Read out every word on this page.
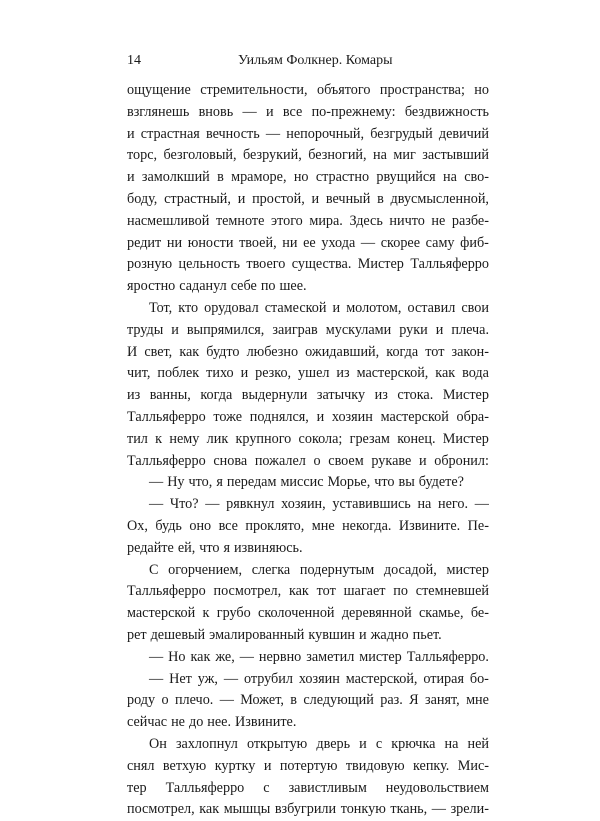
14	Уильям Фолкнер. Комары
ощущение стремительности, объятого пространства; но
взглянешь вновь — и все по-прежнему: бездвижность
и страстная вечность — непорочный, безгрудый девичий
торс, безголовый, безрукий, безногий, на миг застывший
и замолкший в мраморе, но страстно рвущийся на сво-
боду, страстный, и простой, и вечный в двусмысленной,
насмешливой темноте этого мира. Здесь ничто не разбе-
редит ни юности твоей, ни ее ухода — скорее саму фиб-
розную цельность твоего существа. Мистер Талльяферро
яростно саданул себе по шее.
Тот, кто орудовал стамеской и молотом, оставил свои
труды и выпрямился, заиграв мускулами руки и плеча.
И свет, как будто любезно ожидавший, когда тот закон-
чит, поблек тихо и резко, ушел из мастерской, как вода
из ванны, когда выдернули затычку из стока. Мистер
Талльяферро тоже поднялся, и хозяин мастерской обра-
тил к нему лик крупного сокола; грезам конец. Мистер
Талльяферро снова пожалел о своем рукаве и обронил:
— Ну что, я передам миссис Морье, что вы будете?
— Что? — рявкнул хозяин, уставившись на него. —
Ох, будь оно все проклято, мне некогда. Извините. Пе-
редайте ей, что я извиняюсь.
С огорчением, слегка подернутым досадой, мистер
Талльяферро посмотрел, как тот шагает по стемневшей
мастерской к грубо сколоченной деревянной скамье, бе-
рет дешевый эмалированный кувшин и жадно пьет.
— Но как же, — нервно заметил мистер Талльяферро.
— Нет уж, — отрубил хозяин мастерской, отирая бо-
роду о плечо. — Может, в следующий раз. Я занят, мне
сейчас не до нее. Извините.
Он захлопнул открытую дверь и с крючка на ней
снял ветхую куртку и потертую твидовую кепку. Мис-
тер Талльяферро с завистливым неудовольствием
посмотрел, как мышцы взбугрили тонкую ткань, — зрели-
